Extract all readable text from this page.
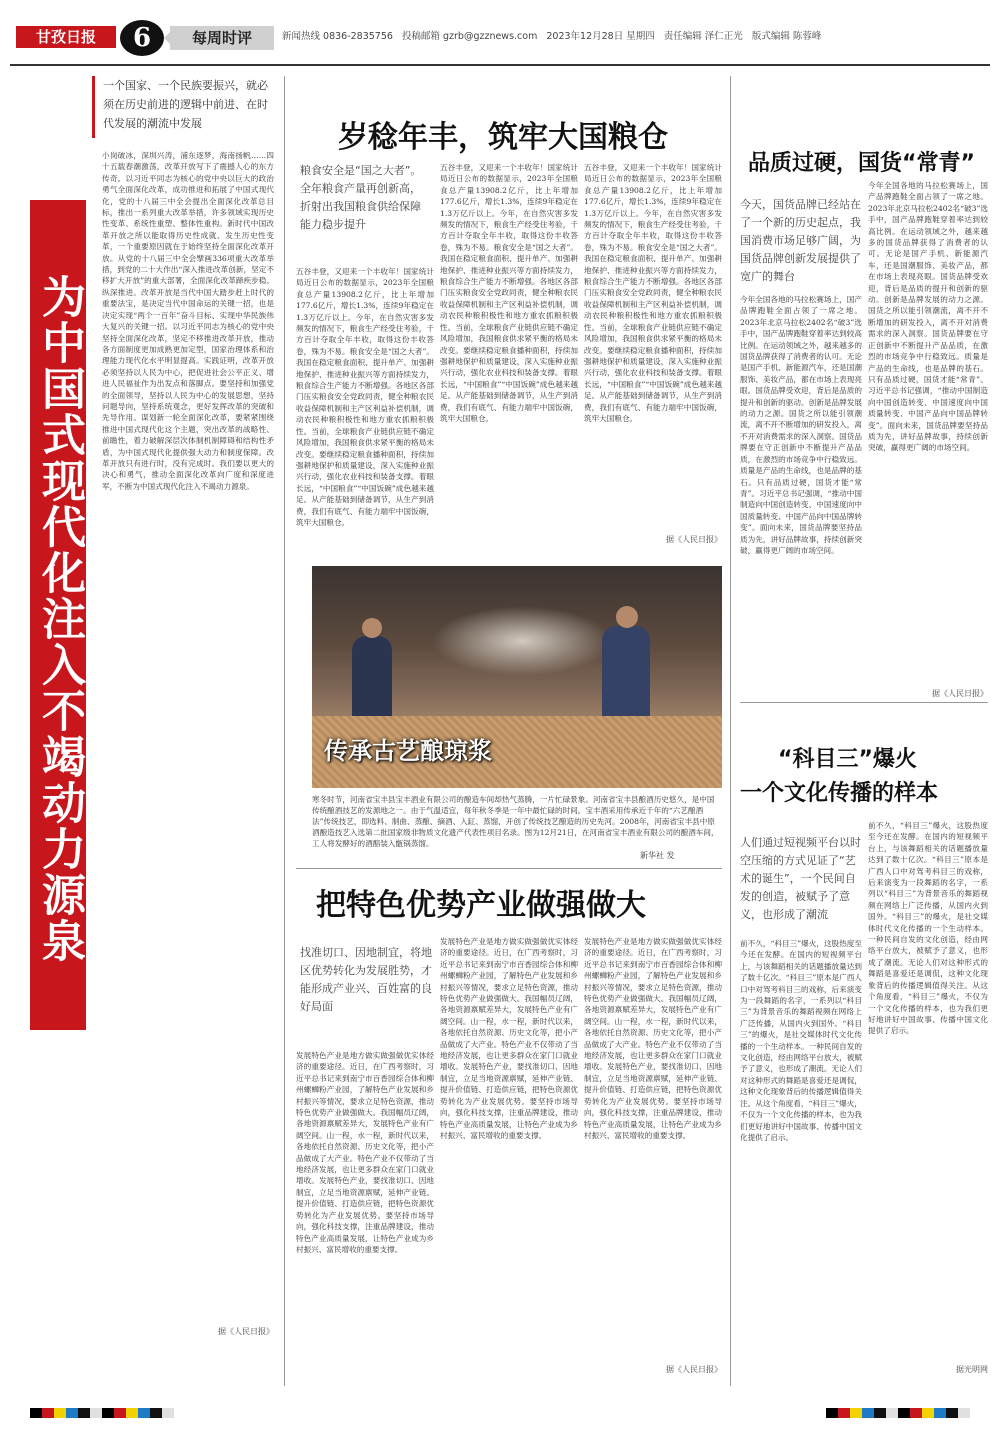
甘孜日报	6	每周时评	新闻热线 0836-2835756 投稿邮箱 gzrb@gzznews.com 2023年12月28日 星期四 责任编辑 泽仁正光 版式编辑 陈蓉峰
一个国家、一个民族要振兴，就必须在历史前进的逻辑中前进、在时代发展的潮流中发展
为中国式现代化注入不竭动力源泉
小岗破冰，深圳兴涛，浦东逐梦，海南扬帆……四十五载春潮激荡，改革开放写下了震撼人心的东方传奇。以习近平同志为核心的党中央以巨大的政治勇气全面深化改革，成功推进和拓展了中国式现代化，党的十八届三中全会提出全面深化改革总目标，推出一系列重大改革举措，许多领域实现历史性变革、系统性重塑、整体性重构。新时代中国改革开放之所以能取得历史性成就、发生历史性变革，一个重要原因就在于始终坚持全面深化改革开放。从党的十八届三中全会擘画336项重大改革举措，到党的二十大作出“深入推进改革创新，坚定不移扩大开放”的重大部署，全面深化改革蹄疾步稳、纵深推进。改革开放是当代中国大踏步赶上时代的重要法宝，是决定当代中国命运的关键一招，也是决定实现“两个一百年”奋斗目标、实现中华民族伟大复兴的关键一招。以习近平同志为核心的党中央坚持全面深化改革，坚定不移推进改革开放，推动各方面制度更加成熟更加定型，国家治理体系和治理能力现代化水平明显提高。实践证明，改革开放必须坚持以人民为中心，把促进社会公平正义、增进人民福祉作为出发点和落脚点。要坚持和加强党的全面领导，坚持以人民为中心的发展思想，坚持问题导向，坚持系统观念，更好发挥改革的突破和先导作用。谋划新一轮全面深化改革，要紧紧围绕推进中国式现代化这个主题，突出改革的战略性、前瞻性，着力破解深层次体制机制障碍和结构性矛盾，为中国式现代化提供强大动力和制度保障。改革开放只有进行时，没有完成时。我们要以更大的决心和勇气，推动全面深化改革向广度和深度进军，不断为中国式现代化注入不竭动力源泉。
据《人民日报》
岁稔年丰，筑牢大国粮仓
粮食安全是“国之大者”。全年粮食产量再创新高，折射出我国粮食供给保障能力稳步提升
五谷丰登，又迎来一个丰收年！国家统计局近日公布的数据显示，2023年全国粮食总产量13908.2亿斤，比上年增加177.6亿斤，增长1.3%，连续9年稳定在1.3万亿斤以上。今年，在自然灾害多发频发的情况下，粮食生产经受住考验，千方百计夺取全年丰收，取得这份丰收答卷，殊为不易。粮食安全是“国之大者”。我国在稳定粮食面积、提升单产、加强耕地保护、推进种业振兴等方面持续发力，粮食综合生产能力不断增强。各地区各部门压实粮食安全党政同责，健全种粮农民收益保障机制和主产区利益补偿机制，调动农民种粮积极性和地方重农抓粮积极性。当前，全球粮食产业链供应链不确定风险增加，我国粮食供求紧平衡的格局未改变。要继续稳定粮食播种面积，持续加强耕地保护和质量建设，深入实施种业振兴行动，强化农业科技和装备支撑。着眼长远，“中国粮食”“中国饭碗”成色越来越足。从产能基础到储备调节，从生产到消费，我们有底气、有能力端牢中国饭碗，筑牢大国粮仓。
五谷丰登，又迎来一个丰收年！国家统计局近日公布的数据显示，2023年全国粮食总产量13908.2亿斤，比上年增加177.6亿斤，增长1.3%，连续9年稳定在1.3万亿斤以上。今年，在自然灾害多发频发的情况下，粮食生产经受住考验，千方百计夺取全年丰收，取得这份丰收答卷，殊为不易。粮食安全是“国之大者”。我国在稳定粮食面积、提升单产、加强耕地保护、推进种业振兴等方面持续发力，粮食综合生产能力不断增强。各地区各部门压实粮食安全党政同责，健全种粮农民收益保障机制和主产区利益补偿机制，调动农民种粮积极性和地方重农抓粮积极性。当前，全球粮食产业链供应链不确定风险增加，我国粮食供求紧平衡的格局未改变。要继续稳定粮食播种面积，持续加强耕地保护和质量建设，深入实施种业振兴行动，强化农业科技和装备支撑。着眼长远，“中国粮食”“中国饭碗”成色越来越足。从产能基础到储备调节，从生产到消费，我们有底气、有能力端牢中国饭碗，筑牢大国粮仓。
五谷丰登，又迎来一个丰收年！国家统计局近日公布的数据显示，2023年全国粮食总产量13908.2亿斤，比上年增加177.6亿斤，增长1.3%，连续9年稳定在1.3万亿斤以上。今年，在自然灾害多发频发的情况下，粮食生产经受住考验，千方百计夺取全年丰收，取得这份丰收答卷，殊为不易。粮食安全是“国之大者”。我国在稳定粮食面积、提升单产、加强耕地保护、推进种业振兴等方面持续发力，粮食综合生产能力不断增强。各地区各部门压实粮食安全党政同责，健全种粮农民收益保障机制和主产区利益补偿机制，调动农民种粮积极性和地方重农抓粮积极性。当前，全球粮食产业链供应链不确定风险增加，我国粮食供求紧平衡的格局未改变。要继续稳定粮食播种面积，持续加强耕地保护和质量建设，深入实施种业振兴行动，强化农业科技和装备支撑。着眼长远，“中国粮食”“中国饭碗”成色越来越足。从产能基础到储备调节，从生产到消费，我们有底气、有能力端牢中国饭碗，筑牢大国粮仓。
据《人民日报》
传承古艺酿琼浆
寒冬时节，河南省宝丰县宝丰酒业有限公司的酿造车间却热气蒸腾，一片忙碌景象。河南省宝丰县酿酒历史悠久，是中国传统酿酒技艺的发源地之一。由于气温适宜，每年秋冬季是一年中最忙碌的时间。宝丰酒采用传承近千年的“六艺酿酒法”传统技艺，即选料、制曲、蒸酿、摘酒、入缸、蒸馏，开创了传统技艺酿造的历史先河。2008年，河南省宝丰县中原酒酿造技艺入选第二批国家级非物质文化遗产代表性项目名录。图为12月21日，在河南省宝丰酒业有限公司的酿酒车间，工人将发酵好的酒醅装入甑锅蒸馏。
新华社 发
把特色优势产业做强做大
找准切口、因地制宜，将地区优势转化为发展胜势，才能形成产业兴、百姓富的良好局面
发展特色产业是地方做实做强做优实体经济的重要途径。近日，在广西考察时，习近平总书记来到南宁市百香园综合体和柳州螺蛳粉产业园，了解特色产业发展和乡村振兴等情况，要求立足特色资源，推动特色优势产业做强做大。我国幅员辽阔，各地资源禀赋差异大，发展特色产业有广阔空间。山一程，水一程，新时代以来，各地依托自然资源、历史文化等，把小产品做成了大产业。特色产业不仅带动了当地经济发展，也让更多群众在家门口就业增收。发展特色产业，要找准切口、因地制宜，立足当地资源禀赋，延伸产业链、提升价值链、打造供应链，把特色资源优势转化为产业发展优势。要坚持市场导向，强化科技支撑，注重品牌建设，推动特色产业高质量发展，让特色产业成为乡村振兴、富民增收的重要支撑。
发展特色产业是地方做实做强做优实体经济的重要途径。近日，在广西考察时，习近平总书记来到南宁市百香园综合体和柳州螺蛳粉产业园，了解特色产业发展和乡村振兴等情况，要求立足特色资源，推动特色优势产业做强做大。我国幅员辽阔，各地资源禀赋差异大，发展特色产业有广阔空间。山一程，水一程，新时代以来，各地依托自然资源、历史文化等，把小产品做成了大产业。特色产业不仅带动了当地经济发展，也让更多群众在家门口就业增收。发展特色产业，要找准切口、因地制宜，立足当地资源禀赋，延伸产业链、提升价值链、打造供应链，把特色资源优势转化为产业发展优势。要坚持市场导向，强化科技支撑，注重品牌建设，推动特色产业高质量发展，让特色产业成为乡村振兴、富民增收的重要支撑。
发展特色产业是地方做实做强做优实体经济的重要途径。近日，在广西考察时，习近平总书记来到南宁市百香园综合体和柳州螺蛳粉产业园，了解特色产业发展和乡村振兴等情况，要求立足特色资源，推动特色优势产业做强做大。我国幅员辽阔，各地资源禀赋差异大，发展特色产业有广阔空间。山一程，水一程，新时代以来，各地依托自然资源、历史文化等，把小产品做成了大产业。特色产业不仅带动了当地经济发展，也让更多群众在家门口就业增收。发展特色产业，要找准切口、因地制宜，立足当地资源禀赋，延伸产业链、提升价值链、打造供应链，把特色资源优势转化为产业发展优势。要坚持市场导向，强化科技支撑，注重品牌建设，推动特色产业高质量发展，让特色产业成为乡村振兴、富民增收的重要支撑。
据《人民日报》
品质过硬，国货“常青”
今天，国货品牌已经站在了一个新的历史起点，我国消费市场足够广阔，为国货品牌创新发展提供了宽广的舞台
今年全国各地的马拉松赛场上，国产品牌跑鞋全面占领了一席之地。2023年北京马拉松2402名“破3”选手中，国产品牌跑鞋穿着率达到较高比例。在运动领域之外，越来越多的国货品牌获得了消费者的认可。无论是国产手机、新能源汽车，还是国潮服饰、美妆产品，都在市场上表现亮眼。国货品牌受欢迎，背后是品质的提升和创新的驱动。创新是品牌发展的动力之源。国货之所以能引领潮流，离不开不断增加的研发投入，离不开对消费需求的深入洞察。国货品牌要在守正创新中不断提升产品品质，在激烈的市场竞争中行稳致远。质量是产品的生命线，也是品牌的基石。只有品质过硬，国货才能“常青”。习近平总书记强调，“推动中国制造向中国创造转变、中国速度向中国质量转变、中国产品向中国品牌转变”。面向未来，国货品牌要坚持品质为先，讲好品牌故事，持续创新突破，赢得更广阔的市场空间。
今年全国各地的马拉松赛场上，国产品牌跑鞋全面占领了一席之地。2023年北京马拉松2402名“破3”选手中，国产品牌跑鞋穿着率达到较高比例。在运动领域之外，越来越多的国货品牌获得了消费者的认可。无论是国产手机、新能源汽车，还是国潮服饰、美妆产品，都在市场上表现亮眼。国货品牌受欢迎，背后是品质的提升和创新的驱动。创新是品牌发展的动力之源。国货之所以能引领潮流，离不开不断增加的研发投入，离不开对消费需求的深入洞察。国货品牌要在守正创新中不断提升产品品质，在激烈的市场竞争中行稳致远。质量是产品的生命线，也是品牌的基石。只有品质过硬，国货才能“常青”。习近平总书记强调，“推动中国制造向中国创造转变、中国速度向中国质量转变、中国产品向中国品牌转变”。面向未来，国货品牌要坚持品质为先，讲好品牌故事，持续创新突破，赢得更广阔的市场空间。
据《人民日报》
“科目三”爆火
一个文化传播的样本
人们通过短视频平台以时空压缩的方式见证了“艺术的诞生”，一个民间自发的创造，被赋予了意义，也形成了潮流
前不久，“科目三”爆火，这股热度至今还在发酵。在国内的短视频平台上，与该舞蹈相关的话题播放量达到了数十亿次。“科目三”原本是广西人口中对驾考科目三的戏称，后来演变为一段舞蹈的名字，一系列以“科目三”为背景音乐的舞蹈视频在网络上广泛传播，从国内火到国外。“科目三”的爆火，是社交媒体时代文化传播的一个生动样本。一种民间自发的文化创造，经由网络平台放大，被赋予了意义，也形成了潮流。无论人们对这种形式的舞蹈是喜爱还是调侃，这种文化现象背后的传播逻辑值得关注。从这个角度看，“科目三”爆火，不仅为一个文化传播的样本，也为我们更好地讲好中国故事、传播中国文化提供了启示。
前不久，“科目三”爆火，这股热度至今还在发酵。在国内的短视频平台上，与该舞蹈相关的话题播放量达到了数十亿次。“科目三”原本是广西人口中对驾考科目三的戏称，后来演变为一段舞蹈的名字，一系列以“科目三”为背景音乐的舞蹈视频在网络上广泛传播，从国内火到国外。“科目三”的爆火，是社交媒体时代文化传播的一个生动样本。一种民间自发的文化创造，经由网络平台放大，被赋予了意义，也形成了潮流。无论人们对这种形式的舞蹈是喜爱还是调侃，这种文化现象背后的传播逻辑值得关注。从这个角度看，“科目三”爆火，不仅为一个文化传播的样本，也为我们更好地讲好中国故事、传播中国文化提供了启示。
据光明网
